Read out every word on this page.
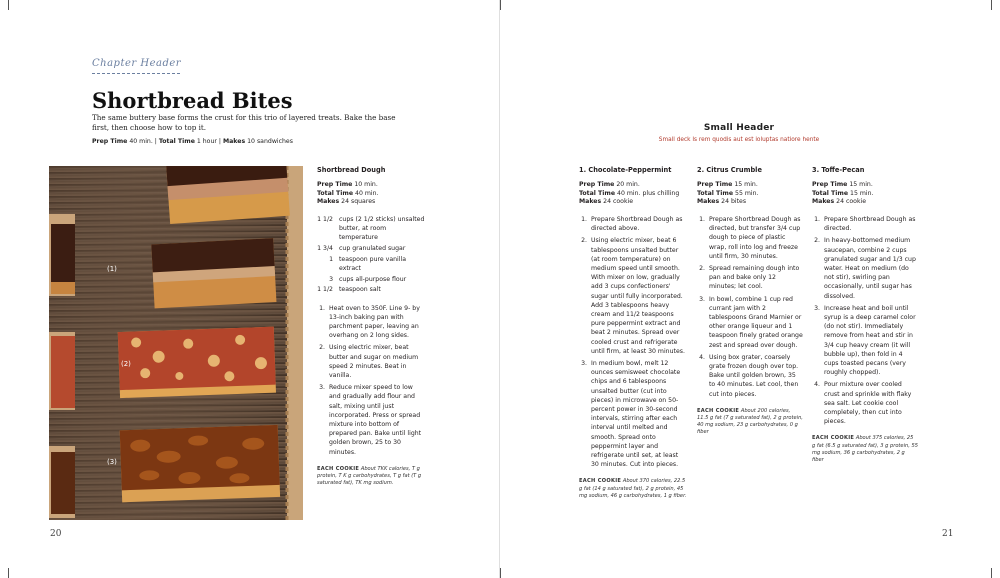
Chapter Header
Shortbread Bites
The same buttery base forms the crust for this trio of layered treats. Bake the base first, then choose how to top it.
Prep Time 40 min. | Total Time 1 hour | Makes 10 sandwiches
(1)
(2)
(3)
Shortbread Dough
Prep Time 10 min.
Total Time 40 min.
Makes 24 squares
1 1/2 cups (2 1/2 sticks) unsalted butter, at room temperature
1 3/4 cup granulated sugar
1 teaspoon pure vanilla extract
3 cups all-purpose flour
1 1/2 teaspoon salt
1. Heat oven to 350F. Line 9- by 13-inch baking pan with parchment paper, leaving an overhang on 2 long sides.
2. Using electric mixer, beat butter and sugar on medium speed 2 minutes. Beat in vanilla.
3. Reduce mixer speed to low and gradually add flour and salt, mixing until just incorporated. Press or spread mixture into bottom of prepared pan. Bake until light golden brown, 25 to 30 minutes.
EACH COOKIE About TKK calories, T g protein, T K g carbohydrates, T g fat (T g saturated fat), TK mg sodium.
20	21
Small Header
Small deck Is rem quodis aut est ioluptas natiore hente
1. Chocolate-Peppermint
Prep Time 20 min.
Total Time 40 min. plus chilling
Makes 24 cookie
1. Prepare Shortbread Dough as directed above.
2. Using electric mixer, beat 6 tablespoons unsalted butter (at room temperature) on medium speed until smooth. With mixer on low, gradually add 3 cups confectioners' sugar until fully incorporated. Add 3 tablespoons heavy cream and 11/2 teaspoons pure peppermint extract and beat 2 minutes. Spread over cooled crust and refrigerate until firm, at least 30 minutes.
3. In medium bowl, melt 12 ounces semisweet chocolate chips and 6 tablespoons unsalted butter (cut into pieces) in microwave on 50-percent power in 30-second intervals, stirring after each interval until melted and smooth. Spread onto peppermint layer and refrigerate until set, at least 30 minutes. Cut into pieces.
EACH COOKIE About 370 calories, 22.5 g fat (14 g saturated fat), 2 g protein, 45 mg sodium, 46 g carbohydrates, 1 g fiber.
2. Citrus Crumble
Prep Time 15 min.
Total Time 55 min.
Makes 24 bites
1. Prepare Shortbread Dough as directed, but transfer 3/4 cup dough to piece of plastic wrap, roll into log and freeze until firm, 30 minutes.
2. Spread remaining dough into pan and bake only 12 minutes; let cool.
3. In bowl, combine 1 cup red currant jam with 2 tablespoons Grand Marnier or other orange liqueur and 1 teaspoon finely grated orange zest and spread over dough.
4. Using box grater, coarsely grate frozen dough over top. Bake until golden brown, 35 to 40 minutes. Let cool, then cut into pieces.
EACH COOKIE About 200 calories, 11.5 g fat (7 g saturated fat), 2 g protein, 40 mg sodium, 23 g carbohydrates, 0 g fiber
3. Toffe-Pecan
Prep Time 15 min.
Total Time 15 min.
Makes 24 cookie
1. Prepare Shortbread Dough as directed.
2. In heavy-bottomed medium saucepan, combine 2 cups granulated sugar and 1/3 cup water. Heat on medium (do not stir), swirling pan occasionally, until sugar has dissolved.
3. Increase heat and boil until syrup is a deep caramel color (do not stir). Immediately remove from heat and stir in 3/4 cup heavy cream (it will bubble up), then fold in 4 cups toasted pecans (very roughly chopped).
4. Pour mixture over cooled crust and sprinkle with flaky sea salt. Let cookie cool completely, then cut into pieces.
EACH COOKIE About 375 calories, 25 g fat (6.5 g saturated fat), 3 g protein, 55 mg sodium, 36 g carbohydrates, 2 g fiber
